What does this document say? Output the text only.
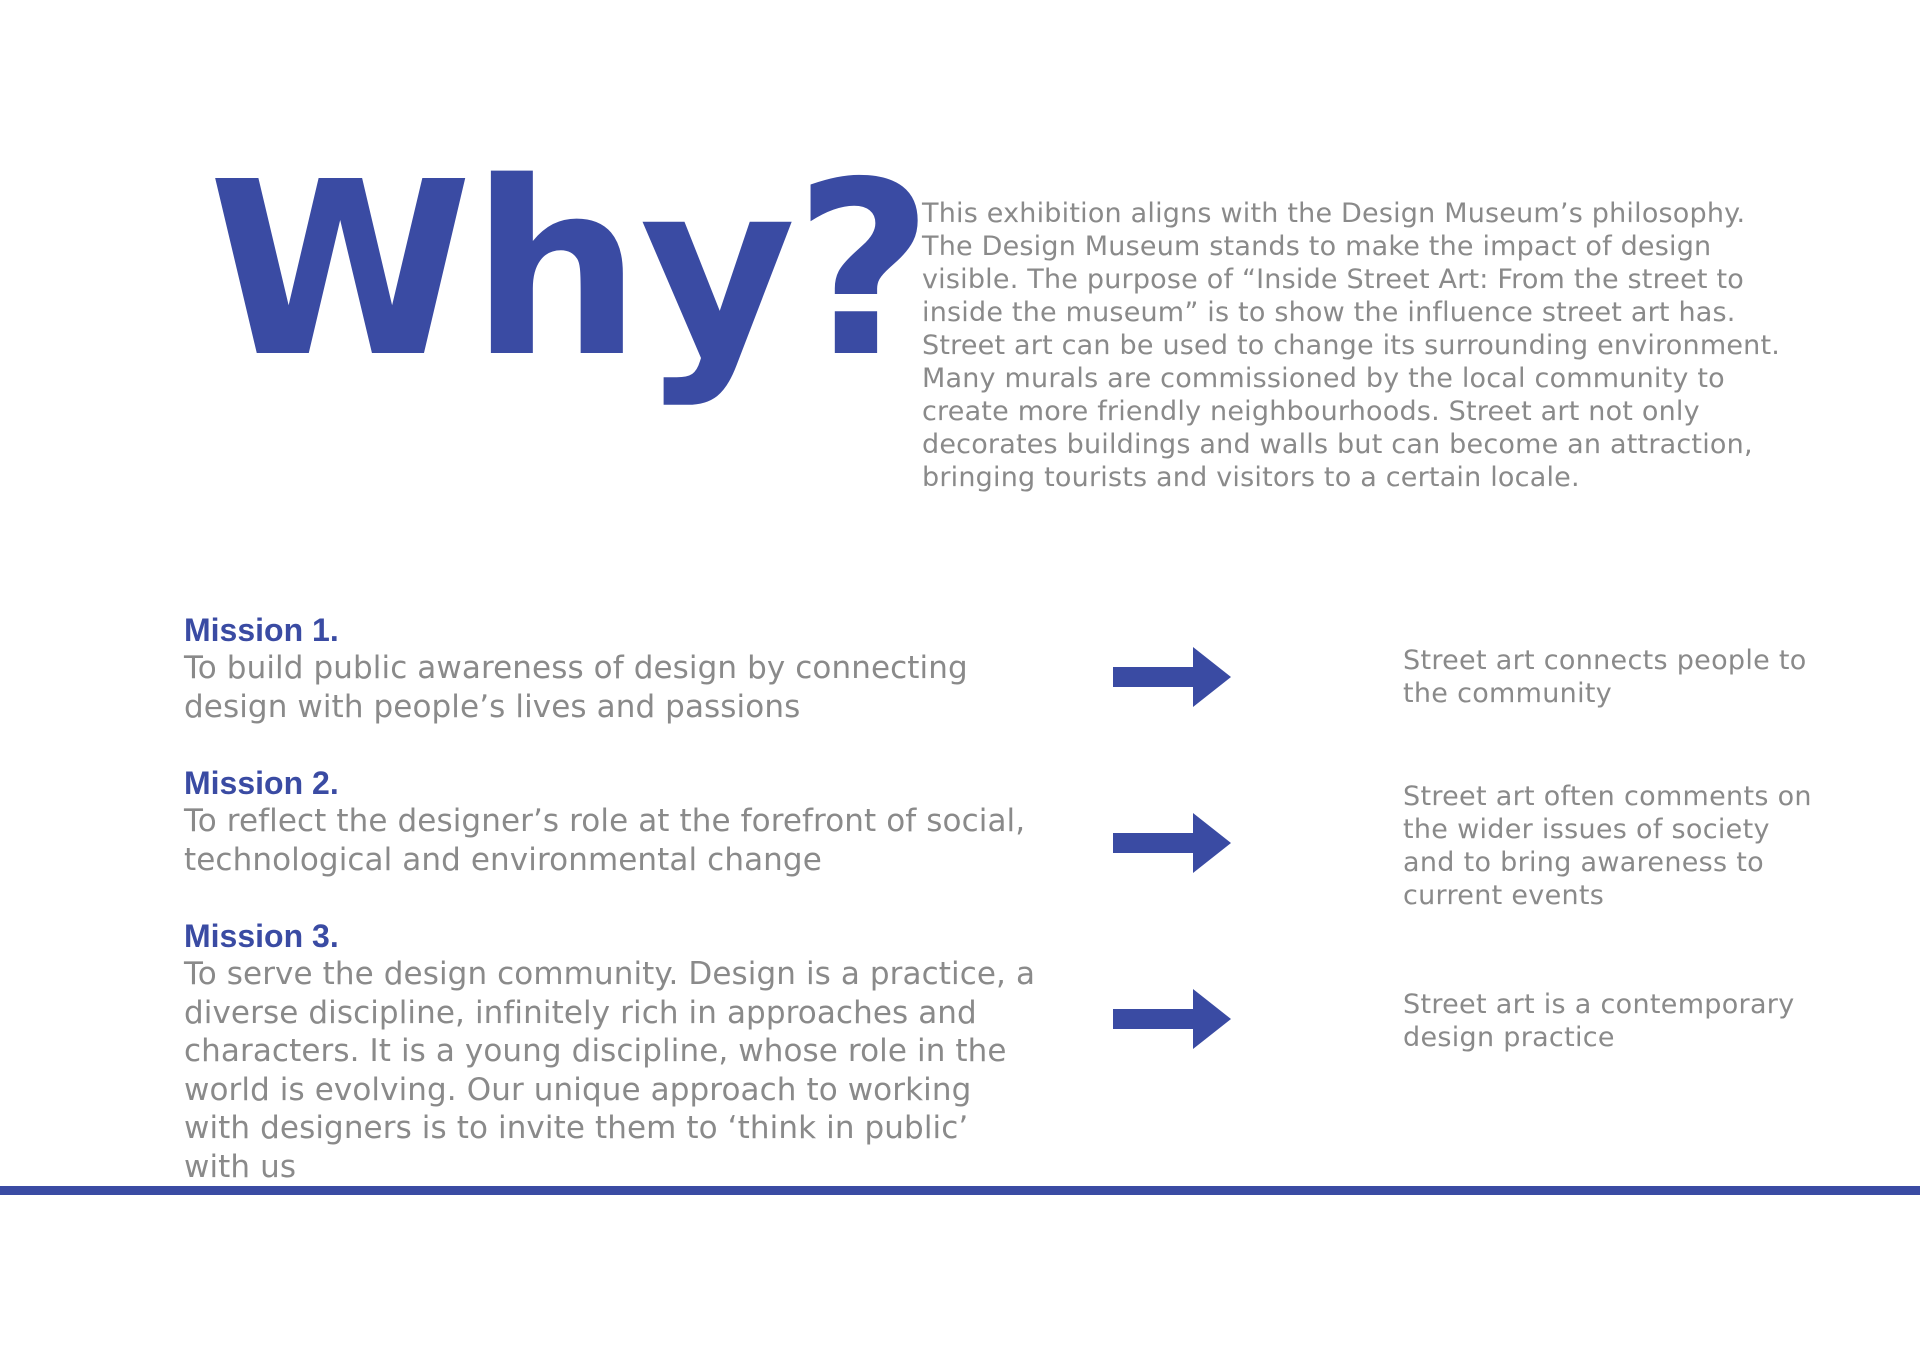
Why?

This exhibition aligns with the Design Museum’s philosophy. The Design Museum stands to make the impact of design visible. The purpose of “Inside Street Art: From the street to inside the museum” is to show the influence street art has. Street art can be used to change its surrounding environment. Many murals are commissioned by the local community to create more friendly neighbourhoods. Street art not only decorates buildings and walls but can become an attraction, bringing tourists and visitors to a certain locale.

Mission 1.

To build public awareness of design by connecting design with people’s lives and passions

Street art connects people to the community

Mission 2.

To reflect the designer’s role at the forefront of social, technological and environmental change

Street art often comments on the wider issues of society and to bring awareness to current events

Mission 3.

To serve the design community. Design is a practice, a diverse discipline, infinitely rich in approaches and characters. It is a young discipline, whose role in the world is evolving. Our unique approach to working with designers is to invite them to ‘think in public’ with us

Street art is a contemporary design practice
